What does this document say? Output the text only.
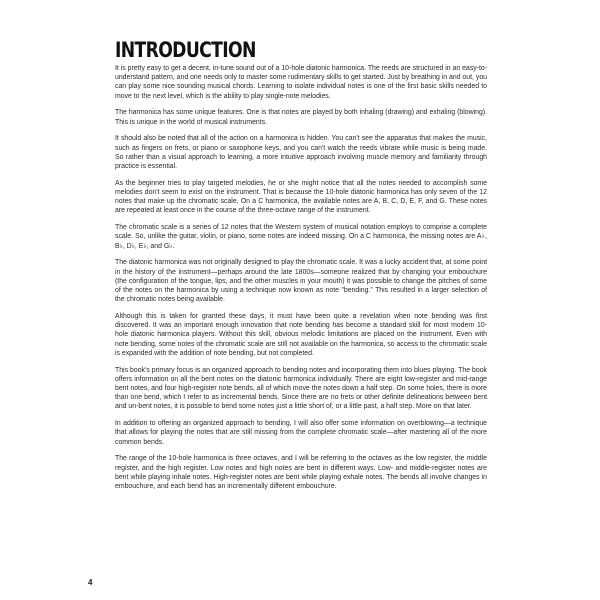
INTRODUCTION

It is pretty easy to get a decent, in-tune sound out of a 10-hole diatonic harmonica. The reeds are structured in an easy-to-understand pattern, and one needs only to master some rudimentary skills to get started. Just by breathing in and out, you can play some nice sounding musical chords. Learning to isolate individual notes is one of the first basic skills needed to move to the next level, which is the ability to play single-note melodies.

The harmonica has some unique features. One is that notes are played by both inhaling (drawing) and exhaling (blowing). This is unique in the world of musical instruments.

It should also be noted that all of the action on a harmonica is hidden. You can't see the apparatus that makes the music, such as fingers on frets, or piano or saxophone keys, and you can't watch the reeds vibrate while music is being made. So rather than a visual approach to learning, a more intuitive approach involving muscle memory and familiarity through practice is essential.

As the beginner tries to play targeted melodies, he or she might notice that all the notes needed to accomplish some melodies don't seem to exist on the instrument. That is because the 10-hole diatonic harmonica has only seven of the 12 notes that make up the chromatic scale. On a C harmonica, the available notes are A, B, C, D, E, F, and G. These notes are repeated at least once in the course of the three-octave range of the instrument.

The chromatic scale is a series of 12 notes that the Western system of musical notation employs to comprise a complete scale. So, unlike the guitar, violin, or piano, some notes are indeed missing. On a C harmonica, the missing notes are A♭, B♭, D♭, E♭, and G♭.

The diatonic harmonica was not originally designed to play the chromatic scale. It was a lucky accident that, at some point in the history of the instrument—perhaps around the late 1800s—someone realized that by changing your embouchure (the configuration of the tongue, lips, and the other muscles in your mouth) it was possible to change the pitches of some of the notes on the harmonica by using a technique now known as note "bending." This resulted in a larger selection of the chromatic notes being available.

Although this is taken for granted these days, it must have been quite a revelation when note bending was first discovered. It was an important enough innovation that note bending has become a standard skill for most modern 10-hole diatonic harmonica players. Without this skill, obvious melodic limitations are placed on the instrument. Even with note bending, some notes of the chromatic scale are still not available on the harmonica, so access to the chromatic scale is expanded with the addition of note bending, but not completed.

This book's primary focus is an organized approach to bending notes and incorporating them into blues playing. The book offers information on all the bent notes on the diatonic harmonica individually. There are eight low-register and mid-range bent notes, and four high-register note bends, all of which move the notes down a half step. On some holes, there is more than one bend, which I refer to as incremental bends. Since there are no frets or other definite delineations between bent and un-bent notes, it is possible to bend some notes just a little short of, or a little past, a half step. More on that later.

In addition to offering an organized approach to bending, I will also offer some information on overblowing—a technique that allows for playing the notes that are still missing from the complete chromatic scale—after mastering all of the more common bends.

The range of the 10-hole harmonica is three octaves, and I will be referring to the octaves as the low register, the middle register, and the high register. Low notes and high notes are bent in different ways. Low- and middle-register notes are bent while playing inhale notes. High-register notes are bent while playing exhale notes. The bends all involve changes in embouchure, and each bend has an incrementally different embouchure.

4
